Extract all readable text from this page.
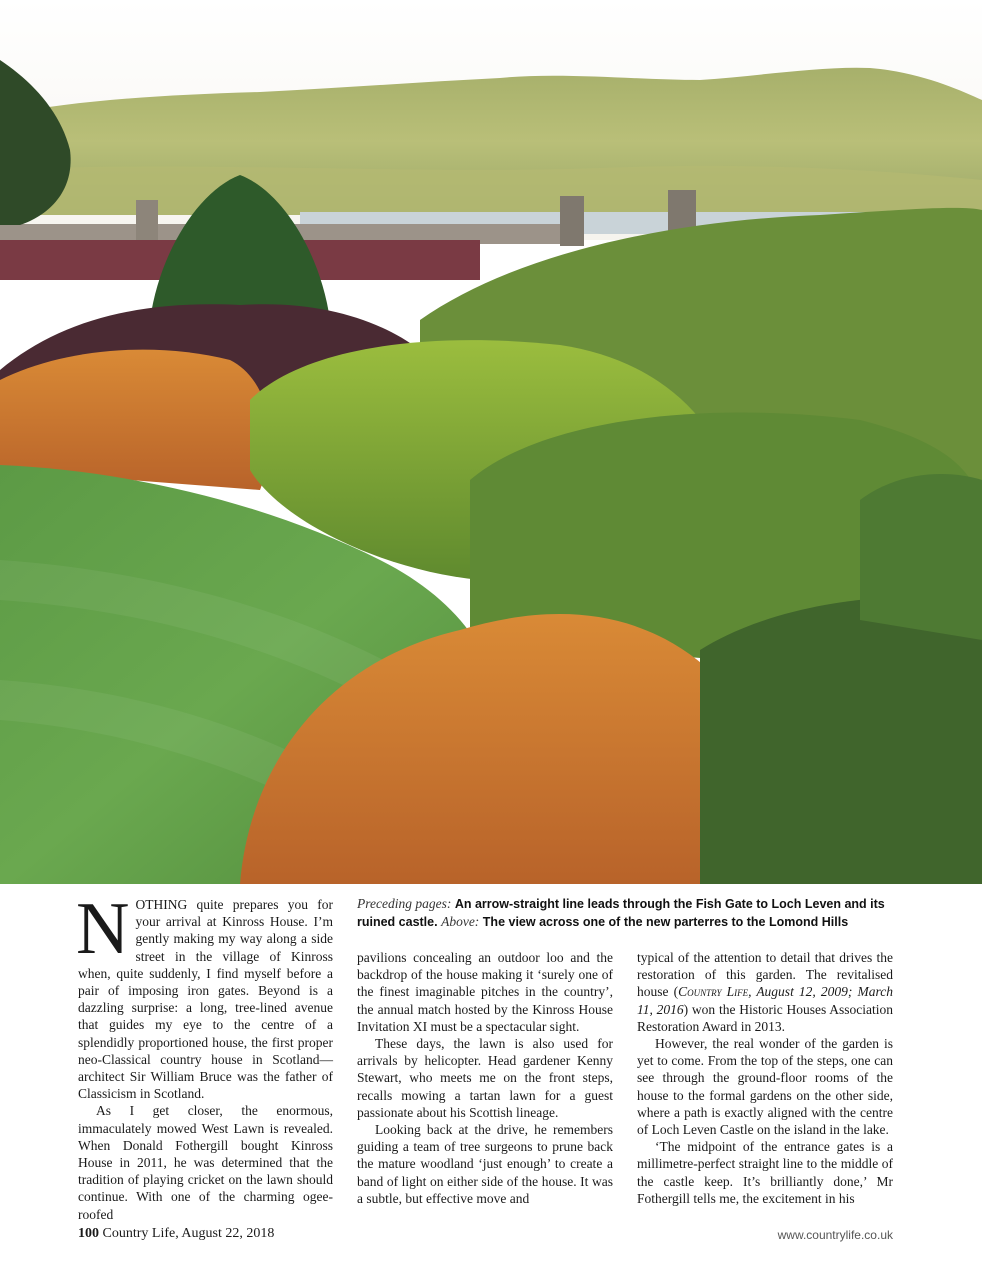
Preceding pages: An arrow-straight line leads through the Fish Gate to Loch Leven and its ruined castle. Above: The view across one of the new parterres to the Lomond Hills

NOTHING quite prepares you for your arrival at Kinross House. I’m gently making my way along a side street in the village of Kinross when, quite suddenly, I find myself before a pair of imposing iron gates. Beyond is a dazzling surprise: a long, tree-lined avenue that guides my eye to the centre of a splendidly proportioned house, the first proper neo-Classical country house in Scotland—architect Sir William Bruce was the father of Classicism in Scotland.

As I get closer, the enormous, immaculately mowed West Lawn is revealed. When Donald Fothergill bought Kinross House in 2011, he was determined that the tradition of playing cricket on the lawn should continue. With one of the charming ogee-roofed

pavilions concealing an outdoor loo and the backdrop of the house making it ‘surely one of the finest imaginable pitches in the country’, the annual match hosted by the Kinross House Invitation XI must be a spectacular sight.

These days, the lawn is also used for arrivals by helicopter. Head gardener Kenny Stewart, who meets me on the front steps, recalls mowing a tartan lawn for a guest passionate about his Scottish lineage.

Looking back at the drive, he remembers guiding a team of tree surgeons to prune back the mature woodland ‘just enough’ to create a band of light on either side of the house. It was a subtle, but effective move and

typical of the attention to detail that drives the restoration of this garden. The revitalised house (Country Life, August 12, 2009; March 11, 2016) won the Historic Houses Association Restoration Award in 2013.

However, the real wonder of the garden is yet to come. From the top of the steps, one can see through the ground-floor rooms of the house to the formal gardens on the other side, where a path is exactly aligned with the centre of Loch Leven Castle on the island in the lake.

‘The midpoint of the entrance gates is a millimetre-perfect straight line to the middle of the castle keep. It’s brilliantly done,’ Mr Fothergill tells me, the excitement in his

100 Country Life, August 22, 2018	www.countrylife.co.uk
